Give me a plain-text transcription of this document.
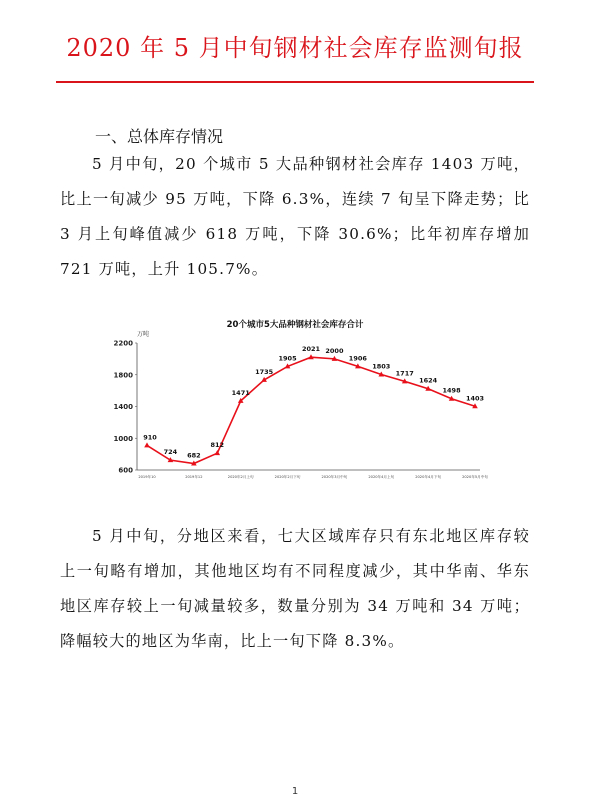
2020 年 5 月中旬钢材社会库存监测旬报
一、总体库存情况
5 月中旬，20 个城市 5 大品种钢材社会库存 1403 万吨，比上一旬减少 95 万吨，下降 6.3%，连续 7 旬呈下降走势；比 3 月上旬峰值减少 618 万吨，下降 30.6%；比年初库存增加 721 万吨，上升 105.7%。
20个城市5大品种钢材社会库存合计
万吨
600
1000
1400
1800
2200
2019年10	2019年12	2020年2月上旬	2020年2月下旬	2020年3月中旬	2020年4月上旬	2020年4月下旬	2020年5月中旬
910
724 682
812
1471
1735
1905
2021 2000
1906
1803
1717
1624
1498
1403
5 月中旬，分地区来看，七大区域库存只有东北地区库存较上一旬略有增加，其他地区均有不同程度减少，其中华南、华东地区库存较上一旬减量较多，数量分别为 34 万吨和 34 万吨；降幅较大的地区为华南，比上一旬下降 8.3%。
1
